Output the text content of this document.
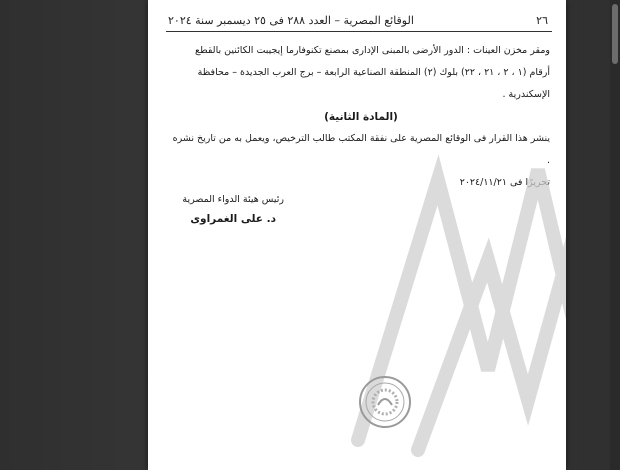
٢٦
الوقائع المصرية – العدد ٢٨٨ فى ٢٥ ديسمبر سنة ٢٠٢٤

ومقر مخزن العينات : الدور الأرضى بالمبنى الإدارى بمصنع تكنوفارما إيجيبت الكائنين بالقطع أرقام (١ ، ٢ ، ٢١ ، ٢٢) بلوك (٢) المنطقة الصناعية الرابعة – برج العرب الجديدة – محافظة الإسكندرية .

(المادة الثانية)

ينشر هذا القرار فى الوقائع المصرية على نفقة المكتب طالب الترخيص، ويعمل به من تاريخ نشره .

تحريرًا فى ٢٠٢٤/١١/٢١

رئيس هيئة الدواء المصرية

د. على الغمراوى
